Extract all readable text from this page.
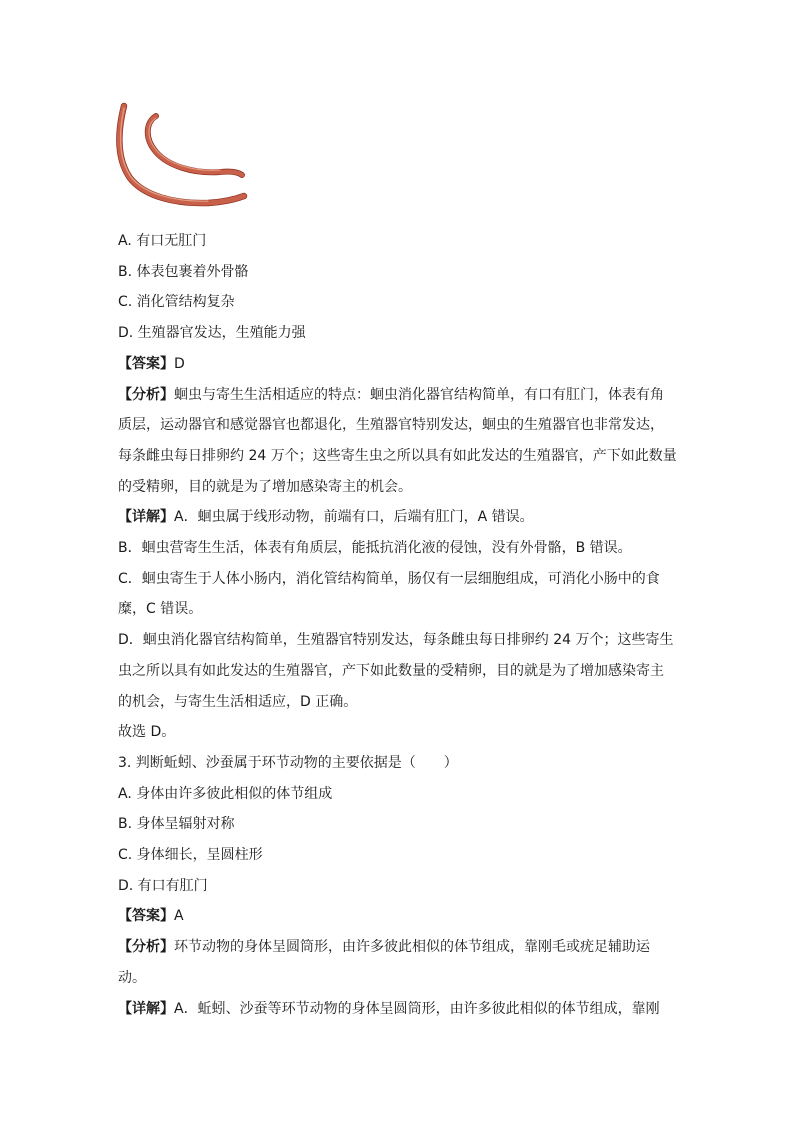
A. 有口无肛门
B. 体表包裹着外骨骼
C. 消化管结构复杂
D. 生殖器官发达，生殖能力强
【答案】D
【分析】蛔虫与寄生生活相适应的特点：蛔虫消化器官结构简单，有口有肛门，体表有角
质层，运动器官和感觉器官也都退化，生殖器官特别发达，蛔虫的生殖器官也非常发达，
每条雌虫每日排卵约 24 万个；这些寄生虫之所以具有如此发达的生殖器官，产下如此数量
的受精卵，目的就是为了增加感染寄主的机会。
【详解】A．蛔虫属于线形动物，前端有口，后端有肛门，A 错误。
B．蛔虫营寄生生活，体表有角质层，能抵抗消化液的侵蚀，没有外骨骼，B 错误。
C．蛔虫寄生于人体小肠内，消化管结构简单，肠仅有一层细胞组成，可消化小肠中的食
糜，C 错误。
D．蛔虫消化器官结构简单，生殖器官特别发达，每条雌虫每日排卵约 24 万个；这些寄生
虫之所以具有如此发达的生殖器官，产下如此数量的受精卵，目的就是为了增加感染寄主
的机会，与寄生生活相适应，D 正确。
故选 D。
3. 判断蚯蚓、沙蚕属于环节动物的主要依据是（　　）
A. 身体由许多彼此相似的体节组成
B. 身体呈辐射对称
C. 身体细长，呈圆柱形
D. 有口有肛门
【答案】A
【分析】环节动物的身体呈圆筒形，由许多彼此相似的体节组成，靠刚毛或疣足辅助运
动。
【详解】A．蚯蚓、沙蚕等环节动物的身体呈圆筒形，由许多彼此相似的体节组成，靠刚
